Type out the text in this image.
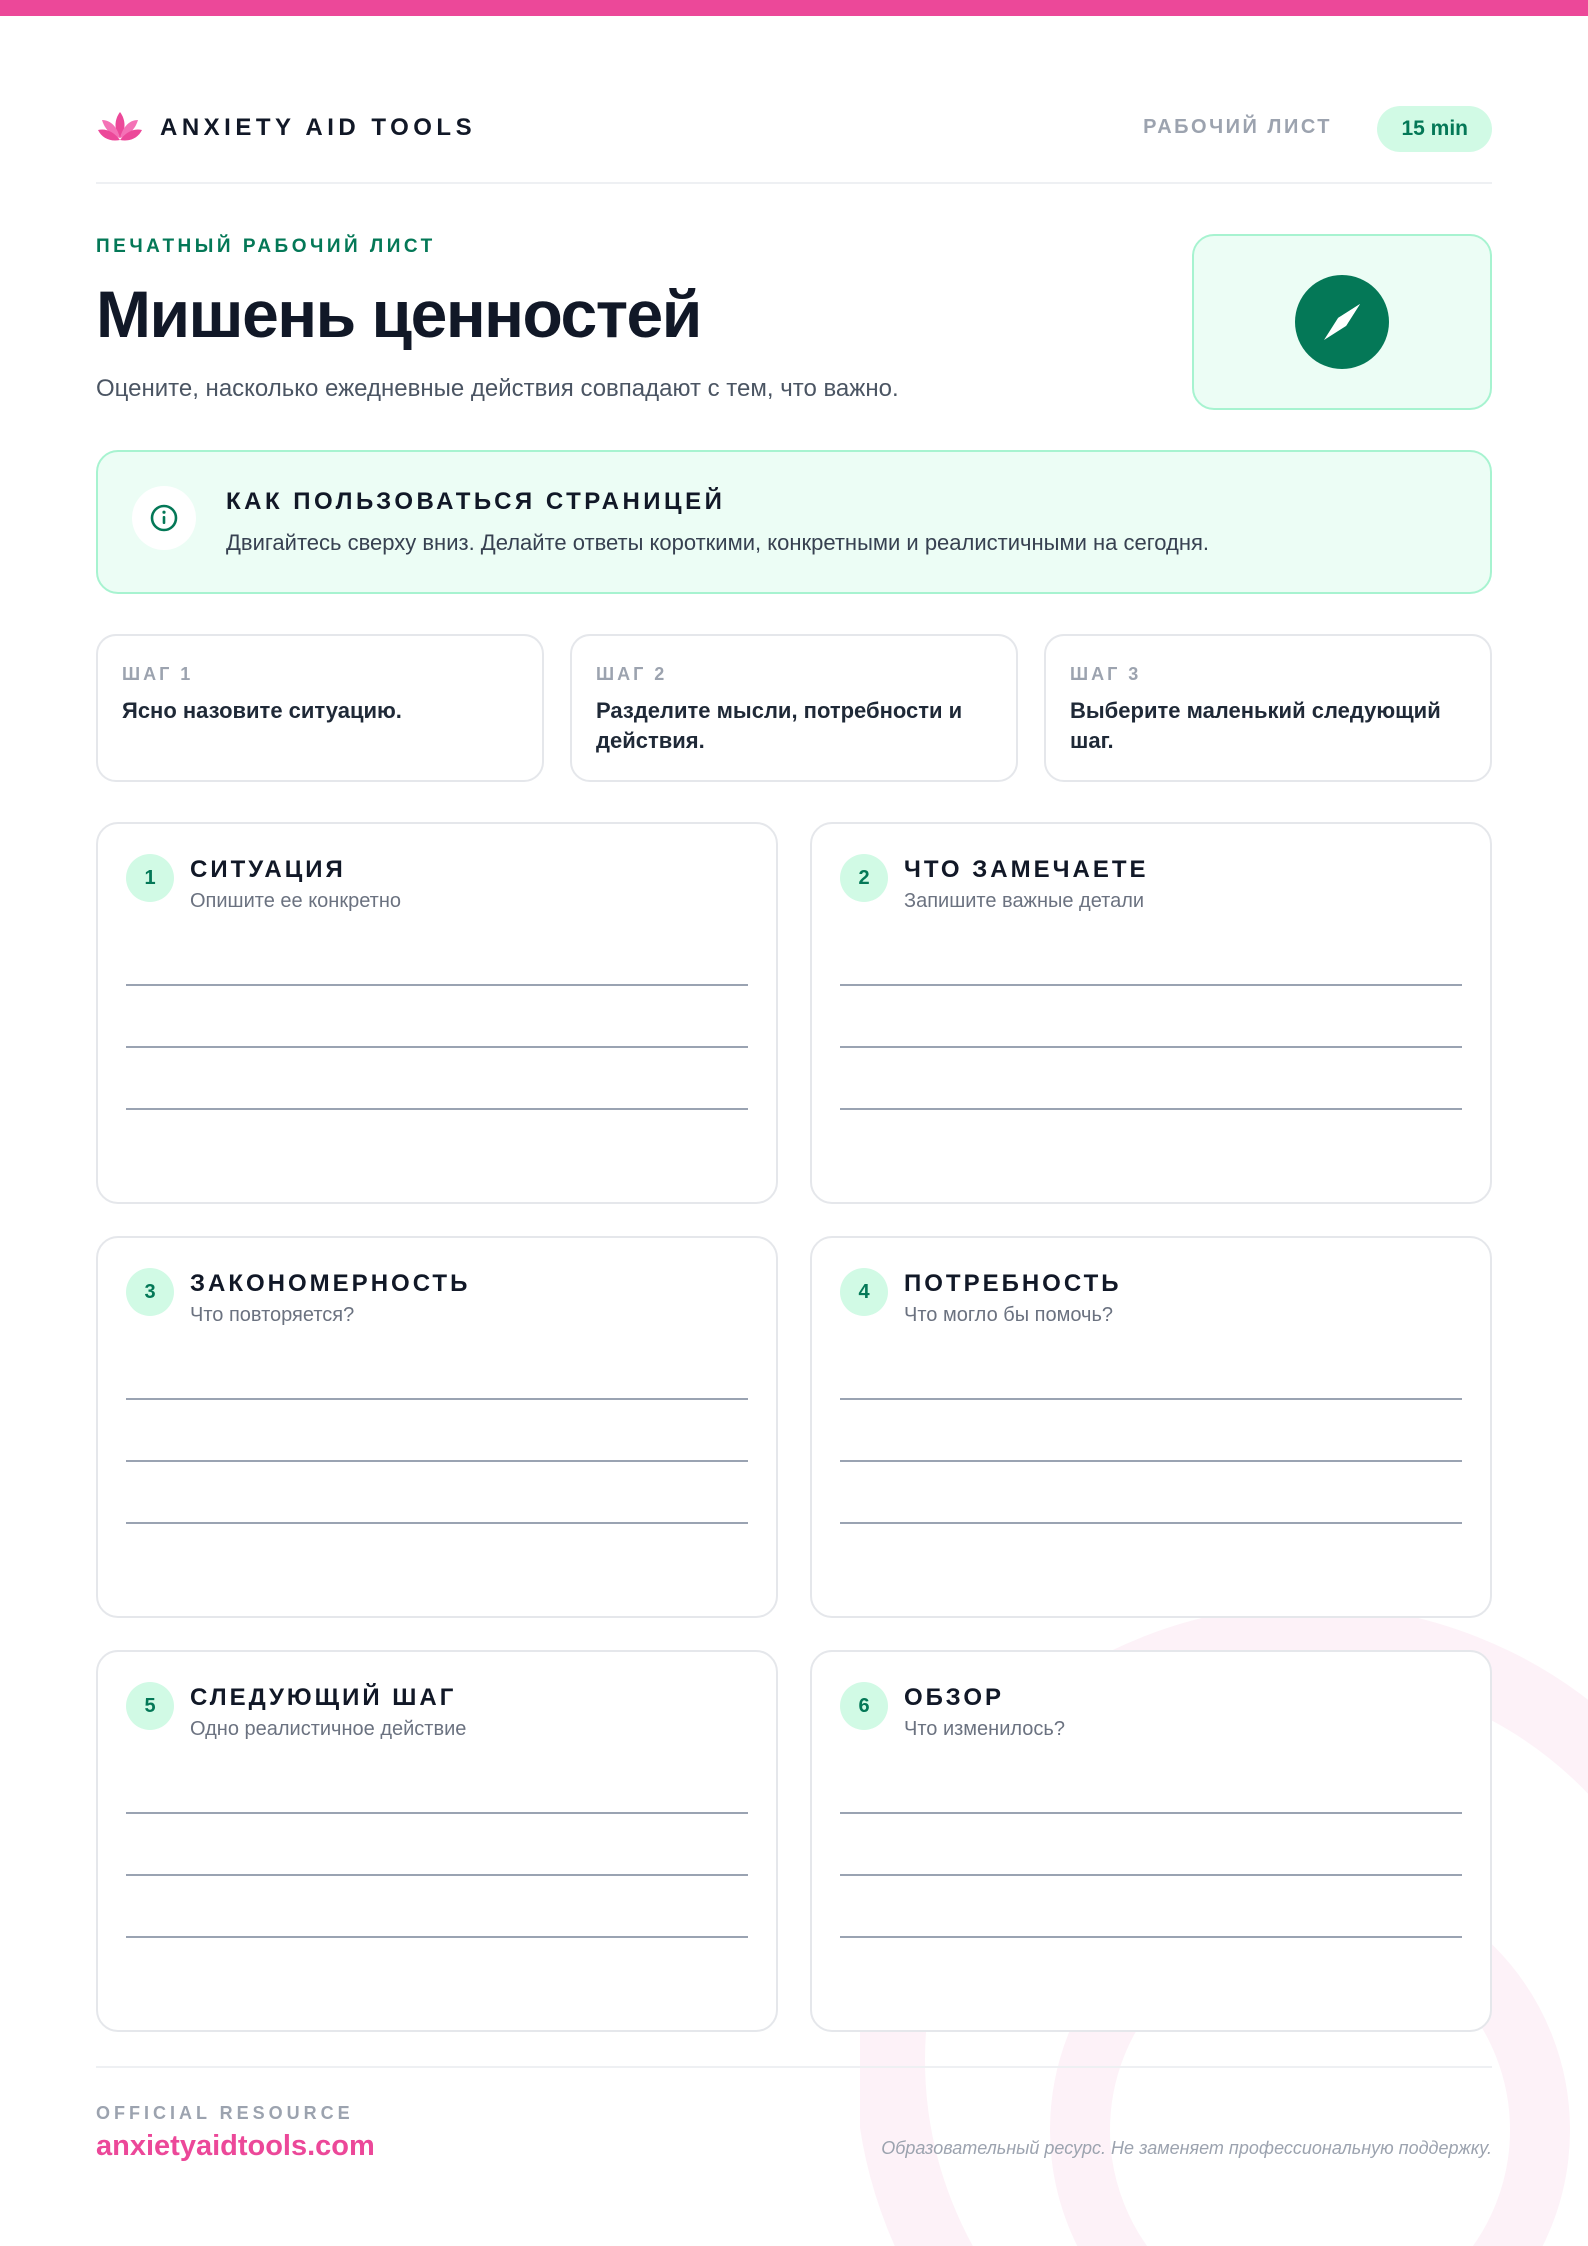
ANXIETY AID TOOLS	РАБОЧИЙ ЛИСТ	15 min
ПЕЧАТНЫЙ РАБОЧИЙ ЛИСТ
Мишень ценностей

Оцените, насколько ежедневные действия совпадают с тем, что важно.

КАК ПОЛЬЗОВАТЬСЯ СТРАНИЦЕЙ
Двигайтесь сверху вниз. Делайте ответы короткими, конкретными и реалистичными на сегодня.
ШАГ 1
Ясно назовите ситуацию.
ШАГ 2
Разделите мысли, потребности и действия.
ШАГ 3
Выберите маленький следующий шаг.
1	СИТУАЦИЯ
Опишите ее конкретно
2	ЧТО ЗАМЕЧАЕТЕ
Запишите важные детали
3	ЗАКОНОМЕРНОСТЬ
Что повторяется?
4	ПОТРЕБНОСТЬ
Что могло бы помочь?
5	СЛЕДУЮЩИЙ ШАГ
Одно реалистичное действие
6	ОБЗОР
Что изменилось?
OFFICIAL RESOURCE
anxietyaidtools.com	Образовательный ресурс. Не заменяет профессиональную поддержку.
